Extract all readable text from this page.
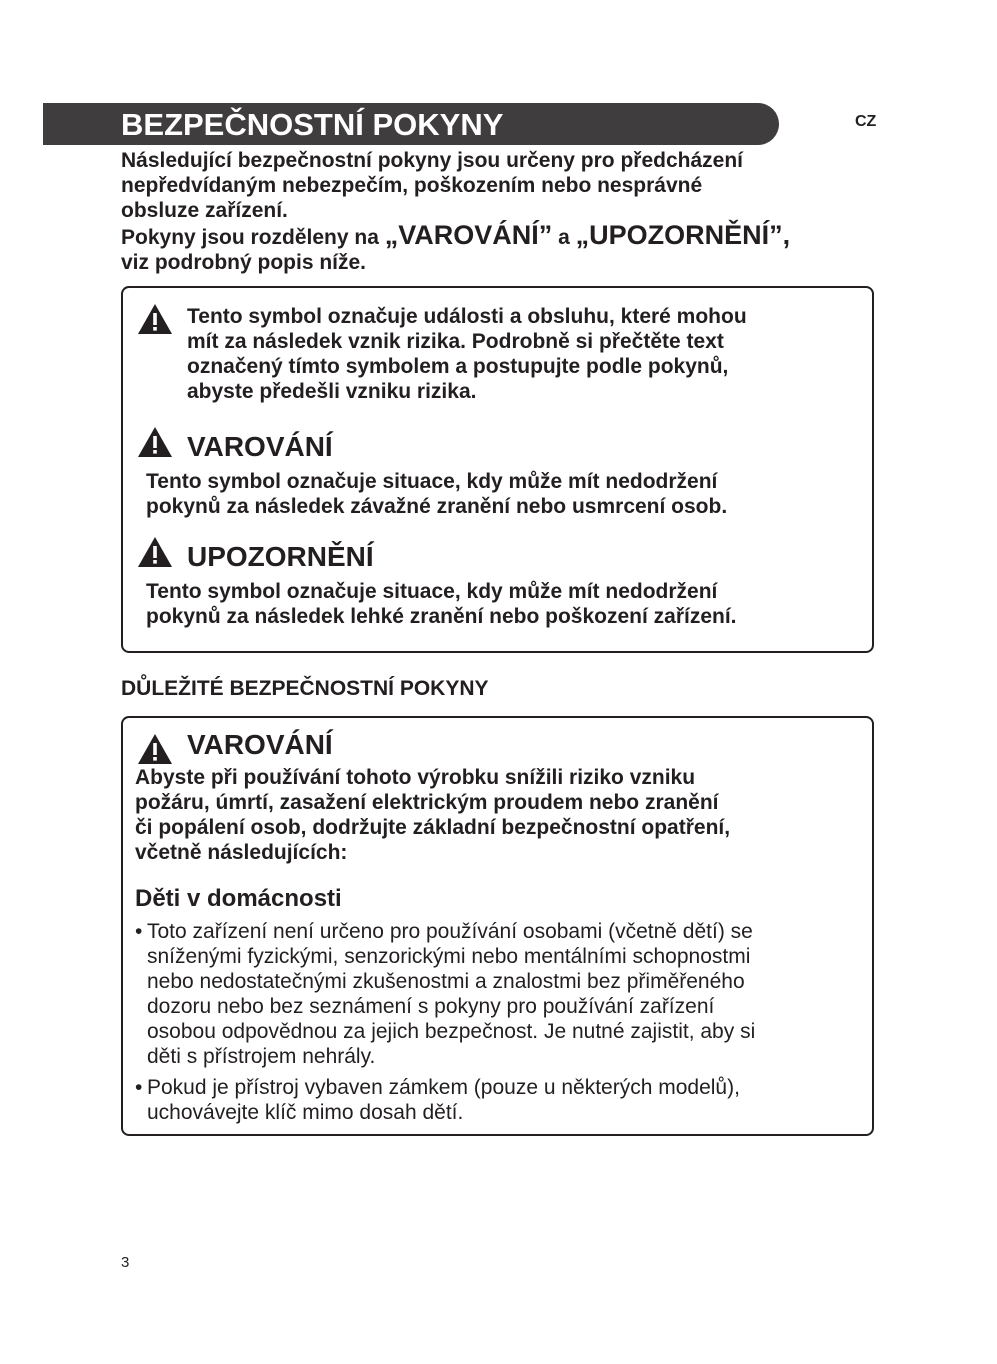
BEZPEČNOSTNÍ POKYNY	CZ

Následující bezpečnostní pokyny jsou určeny pro předcházení

nepředvídaným nebezpečím, poškozením nebo nesprávné

obsluze zařízení.

Pokyny jsou rozděleny na „VAROVÁNÍ” a „UPOZORNĚNÍ”,

viz podrobný popis níže.

Tento symbol označuje události a obsluhu, které mohou

mít za následek vznik rizika. Podrobně si přečtěte text

označený tímto symbolem a postupujte podle pokynů,

abyste předešli vzniku rizika.

VAROVÁNÍ

Tento symbol označuje situace, kdy může mít nedodržení

pokynů za následek závažné zranění nebo usmrcení osob.

UPOZORNĚNÍ

Tento symbol označuje situace, kdy může mít nedodržení

pokynů za následek lehké zranění nebo poškození zařízení.

DŮLEŽITÉ BEZPEČNOSTNÍ POKYNY
VAROVÁNÍ

Abyste při používání tohoto výrobku snížili riziko vzniku

požáru, úmrtí, zasažení elektrickým proudem nebo zranění

či popálení osob, dodržujte základní bezpečnostní opatření,

včetně následujících:

Děti v domácnosti
• Toto zařízení není určeno pro používání osobami (včetně dětí) se

sníženými fyzickými, senzorickými nebo mentálními schopnostmi

nebo nedostatečnými zkušenostmi a znalostmi bez přiměřeného

dozoru nebo bez seznámení s pokyny pro používání zařízení

osobou odpovědnou za jejich bezpečnost. Je nutné zajistit, aby si

děti s přístrojem nehrály.

• Pokud je přístroj vybaven zámkem (pouze u některých modelů),

uchovávejte klíč mimo dosah dětí.

3
